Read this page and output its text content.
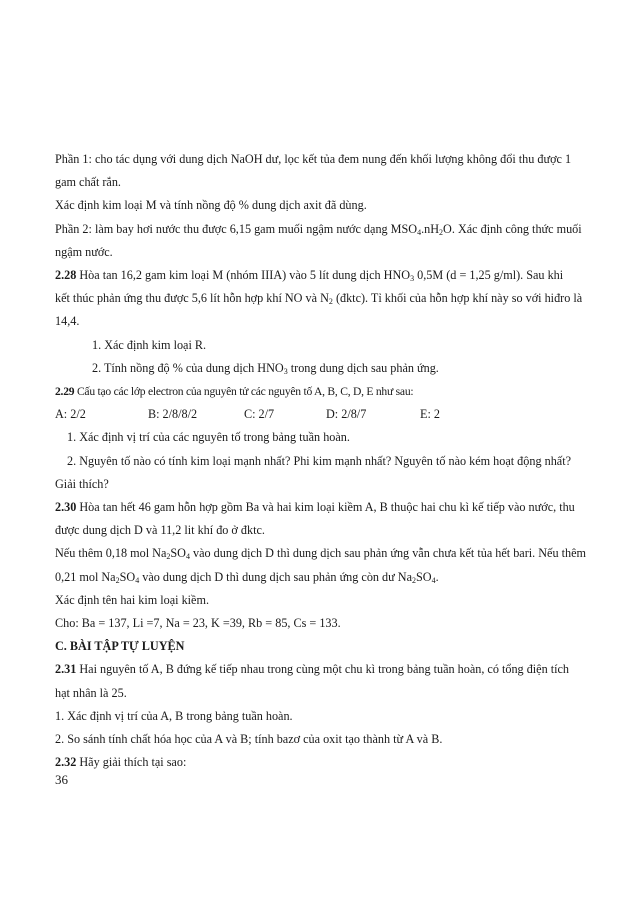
Phần 1: cho tác dụng với dung dịch NaOH dư, lọc kết tủa đem nung đến khối lượng không đổi thu được 1
gam chất rắn.

Xác định kim loại M và tính nồng độ % dung dịch axit đã dùng.

Phần 2: làm bay hơi nước thu được 6,15 gam muối ngậm nước dạng $MSO_4.nH_2O$. Xác định công thức muối
ngậm nước.

2.28 Hòa tan 16,2 gam kim loại M (nhóm IIIA) vào 5 lít dung dịch $HNO_3$ 0,5M (d = 1,25 g/ml). Sau khi
kết thúc phản ứng thu được 5,6 lít hỗn hợp khí NO và $N_2$ (đktc). Tỉ khối của hỗn hợp khí này so với hiđro là
14,4.

1. Xác định kim loại R.

2. Tính nồng độ % của dung dịch $HNO_3$ trong dung dịch sau phản ứng.

2.29 Cấu tạo các lớp electron của nguyên tử các nguyên tố A, B, C, D, E như sau:

A: 2/2	B: 2/8/8/2	C: 2/7	D: 2/8/7	E: 2

1. Xác định vị trí của các nguyên tố trong bảng tuần hoàn.

2. Nguyên tố nào có tính kim loại mạnh nhất? Phi kim mạnh nhất? Nguyên tố nào kém hoạt động nhất?

Giải thích?

2.30 Hòa tan hết 46 gam hỗn hợp gồm Ba và hai kim loại kiềm A, B thuộc hai chu kì kế tiếp vào nước, thu
được dung dịch D và 11,2 lit khí đo ở đktc.

Nếu thêm 0,18 mol $Na_2SO_4$ vào dung dịch D thì dung dịch sau phản ứng vẫn chưa kết tủa hết bari. Nếu thêm
0,21 mol $Na_2SO_4$ vào dung dịch D thì dung dịch sau phản ứng còn dư $Na_2SO_4$.

Xác định tên hai kim loại kiềm.

Cho: Ba = 137, Li =7, Na = 23, K =39, Rb = 85, Cs = 133.

C. BÀI TẬP TỰ LUYỆN

2.31 Hai nguyên tố A, B đứng kế tiếp nhau trong cùng một chu kì trong bảng tuần hoàn, có tổng điện tích
hạt nhân là 25.

1. Xác định vị trí của A, B trong bảng tuần hoàn.

2. So sánh tính chất hóa học của A và B; tính bazơ của oxit tạo thành từ A và B.

2.32 Hãy giải thích tại sao:

36
